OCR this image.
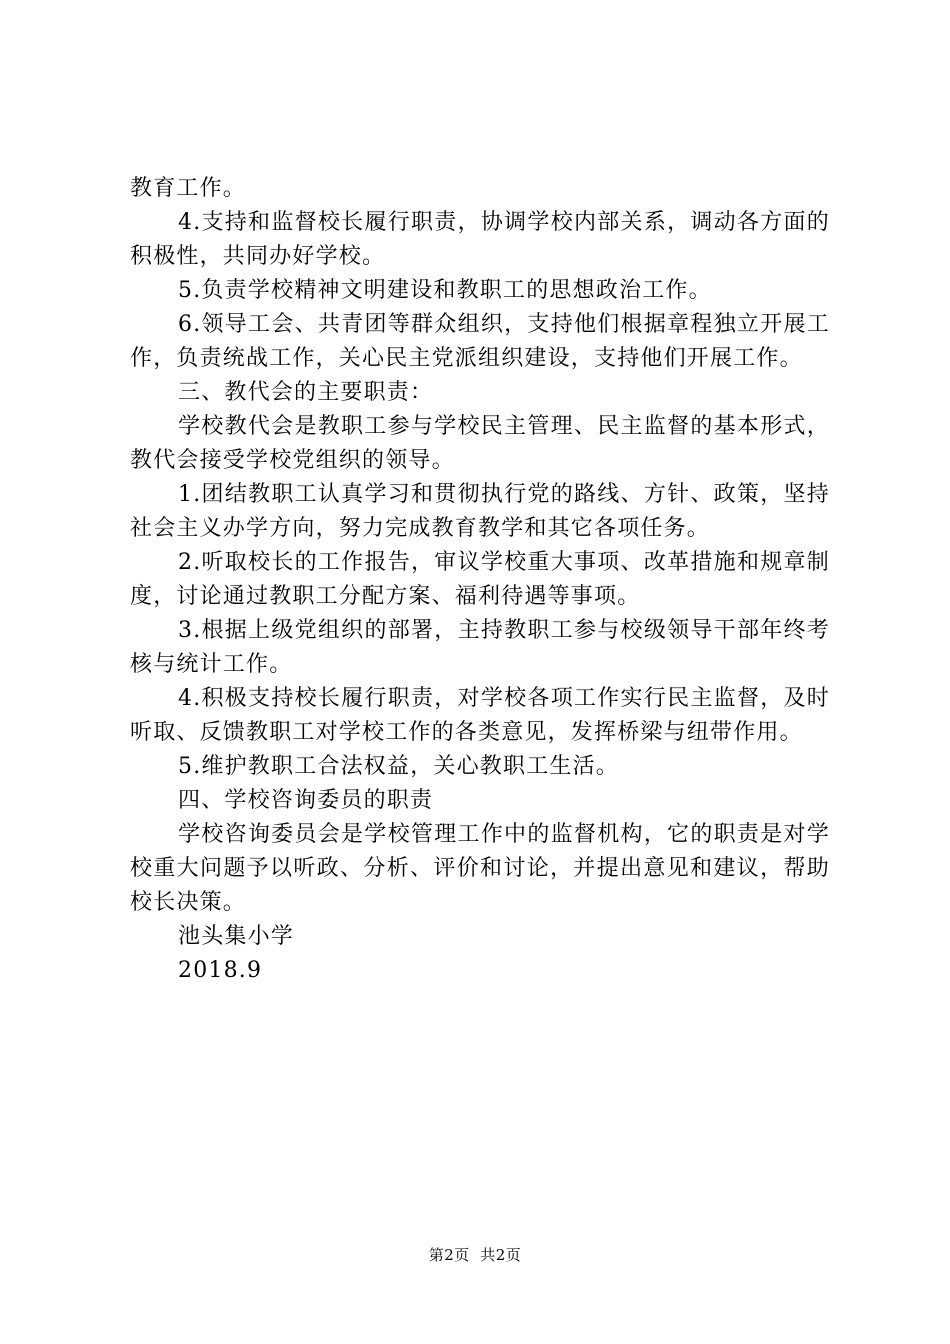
教育工作。

4.支持和监督校长履行职责，协调学校内部关系，调动各方面的积极性，共同办好学校。

5.负责学校精神文明建设和教职工的思想政治工作。

6.领导工会、共青团等群众组织，支持他们根据章程独立开展工作，负责统战工作，关心民主党派组织建设，支持他们开展工作。

三、教代会的主要职责：

学校教代会是教职工参与学校民主管理、民主监督的基本形式，教代会接受学校党组织的领导。

1.团结教职工认真学习和贯彻执行党的路线、方针、政策，坚持社会主义办学方向，努力完成教育教学和其它各项任务。

2.听取校长的工作报告，审议学校重大事项、改革措施和规章制度，讨论通过教职工分配方案、福利待遇等事项。

3.根据上级党组织的部署，主持教职工参与校级领导干部年终考核与统计工作。

4.积极支持校长履行职责，对学校各项工作实行民主监督，及时听取、反馈教职工对学校工作的各类意见，发挥桥梁与纽带作用。

5.维护教职工合法权益，关心教职工生活。

四、学校咨询委员的职责

学校咨询委员会是学校管理工作中的监督机构，它的职责是对学校重大问题予以听政、分析、评价和讨论，并提出意见和建议，帮助校长决策。

池头集小学

2018.9

第2页  共2页
